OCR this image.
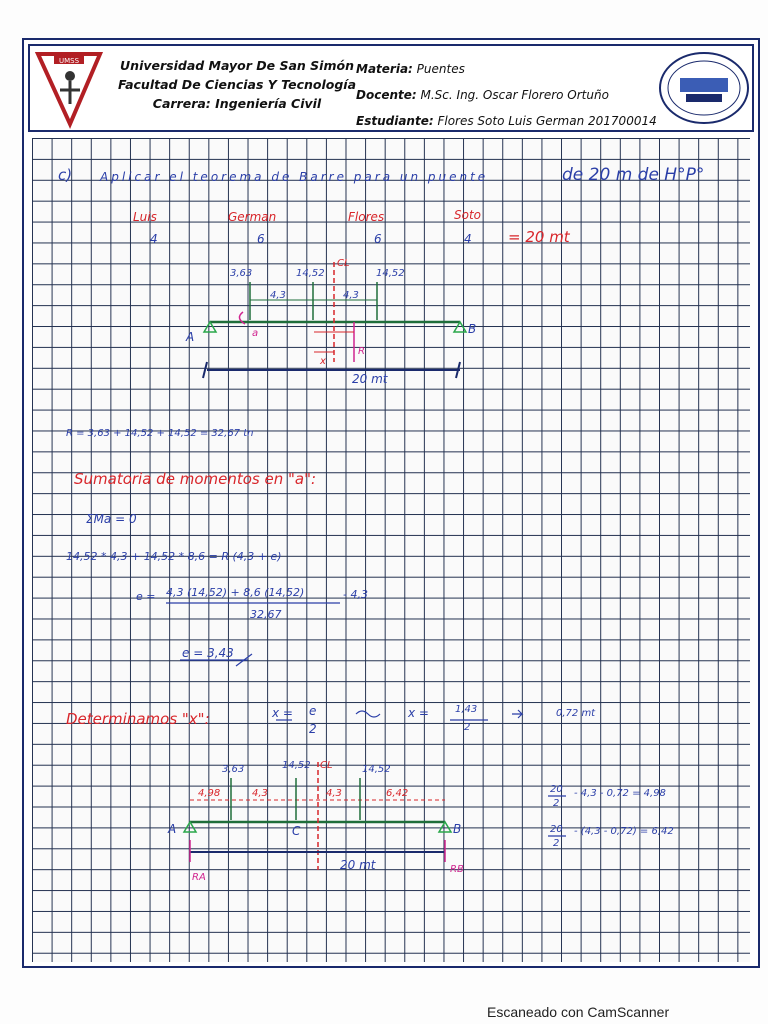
UMSS	Universidad Mayor De San Simón
Facultad De Ciencias Y Tecnología
Carrera: Ingeniería Civil
Materia: Puentes
Docente: M.Sc. Ing. Oscar Florero Ortuño
Estudiante: Flores Soto Luis German 201700014
c) Aplicar el teorema de Barre para un puente	de 20 m de H°P°
Luis	German	Flores	Soto
4	6	6	4 = 20 mt
3,63	14,52	14,52
CL
4,3	4,3
A
B
a
R
x
20 mt
R = 3,63 + 14,52 + 14,52 = 32,67 tn
Sumatoria de momentos en "a":
ΣMa = 0
14,52 * 4,3 + 14,52 * 8,6 = R (4,3 + e)
e = 4,3 (14,52) + 8,6 (14,52)	- 4,3
32,67
e = 3,43
Determinamos "x":	x = e
2
x =	1,43
2
0,72 mt
3,63	14,52	14,52
CL
4,98	4,3	4,3	6,42
A	B
C
20 mt
RA
RB
20
2
- 4,3 - 0,72 = 4,98
20
2
- (4,3 - 0,72) = 6,42
Escaneado con CamScanner
